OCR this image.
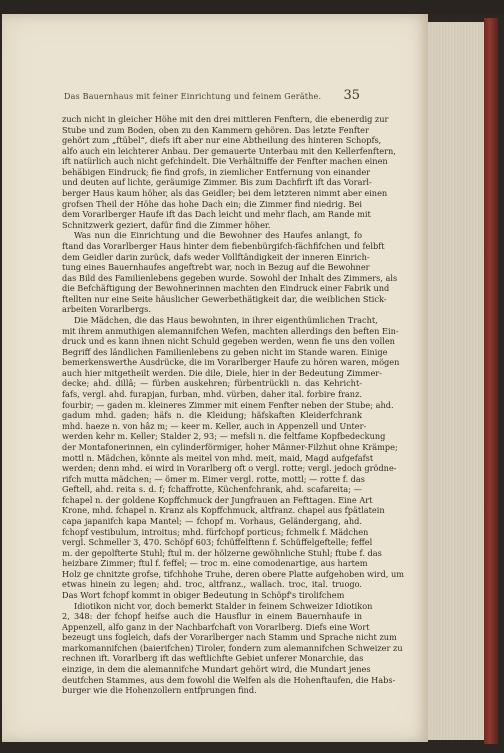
Das Bauernhaus mit feiner Einrichtung und feinem Geräthe.	35
zuch nicht in gleicher Höhe mit den drei mittleren Fenftern, die ebenerdig zur
Stube und zum Boden, oben zu den Kammern gehören. Das letzte Fenfter
gehört zum „ftübel“, diefs ift aber nur eine Abtheilung des hinteren Schopfs,
alfo auch ein leichterer Anbau. Der gemauerte Unterbau mit den Kellerfenftern,
ift natürlich auch nicht gefchindelt. Die Verhältniffe der Fenfter machen einen
behäbigen Eindruck; fie find grofs, in ziemlicher Entfernung von einander
und deuten auf lichte, geräumige Zimmer. Bis zum Dachfirft ift das Vorarl-
berger Haus kaum höher, als das Geidler; bei dem letzteren nimmt aber einen
grofsen Theil der Höhe das hohe Dach ein; die Zimmer find niedrig. Bei
dem Vorarlberger Haufe ift das Dach leicht und mehr flach, am Rande mit
Schnitzwerk geziert, dafür find die Zimmer höher.
Was nun die Einrichtung und die Bewohner des Haufes anlangt, fo
ftand das Vorarlberger Haus hinter dem fiebenbürgifch-fächfifchen und felbft
dem Geidler darin zurück, dafs weder Vollftändigkeit der inneren Einrich-
tung eines Bauernhaufes angeftrebt war, noch in Bezug auf die Bewohner
das Bild des Familienlebens gegeben wurde. Sowohl der Inhalt des Zimmers, als
die Befchäftigung der Bewohnerinnen machten den Eindruck einer Fabrik und
ftellten nur eine Seite häuslicher Gewerbethätigkeit dar, die weiblichen Stick-
arbeiten Vorarlbergs.
Die Mädchen, die das Haus bewohnten, in ihrer eigenthümlichen Tracht,
mit ihrem anmuthigen alemannifchen Wefen, machten allerdings den beften Ein-
druck und es kann ihnen nicht Schuld gegeben werden, wenn fie uns den vollen
Begriff des ländlichen Familienlebens zu geben nicht im Stande waren. Einige
bemerkenswerthe Ausdrücke, die im Vorarlberger Haufe zu hören waren, mögen
auch hier mitgetheilt werden. Die dile, Diele, hier in der Bedeutung Zimmer-
decke; ahd. dillâ; — fürben auskehren; fürbentrückli n. das Kehricht-
fafs, vergl. ahd. furapjan, furban, mhd. vürben, daher ital. forbire franz.
fourbir; — gaden m. kleineres Zimmer mit einem Fenfter neben der Stube; ahd.
gadum mhd. gaden; häfs n. die Kleidung; häfskaften Kleiderfchrank
mhd. haeze n. von hâz m; — keer m. Keller, auch in Appenzell und Unter-
werden kehr m. Keller; Stalder 2, 93; — mefsli n. die feltfame Kopfbedeckung
der Montafonerinnen, ein cylinderförmiger, hoher Männer-Filzhut ohne Krämpe;
mottl n. Mädchen, könnte als meitel von mhd. meit, maid, Magd aufgefafst
werden; denn mhd. ei wird in Vorarlberg oft o vergl. rotte; vergl. jedoch grödne-
rifch mutta mädchen; — ömer m. Eimer vergl. rotte, mottl; — rotte f. das
Geftell, ahd. reita s. d. f; fchaffrotte, Küchenfchrank, ahd. scafareita; —
fchapel n. der goldene Kopffchmuck der Jungfrauen an Fefttagen. Eine Art
Krone, mhd. fchapel n. Kranz als Kopffchmuck, altfranz. chapel aus fpätlatein
capa japanifch kapa Mantel; — fchopf m. Vorhaus, Geländergang, ahd.
fchopf vestibulum, introitus; mhd. fürfchopf porticus; fchmelk f. Mädchen
vergl. Schmeller 3, 470. Schöpf 603; fchüffelftenn f. Schüffelgeftelle; feffel
m. der gepolfterte Stuhl; ftul m. der hölzerne gewöhnliche Stuhl; ftube f. das
heizbare Zimmer; ftul f. feffel; — troc m. eine comodenartige, aus hartem
Holz ge chnitzte grofse, tifchhohe Truhe, deren obere Platte aufgehoben wird, um
etwas hinein zu legen; ahd. troc, altfranz., wallach. troc, ital. truogo.
Das Wort fchopf kommt in obiger Bedeutung in Schöpf's tirolifchem
Idiotikon nicht vor, doch bemerkt Stalder in feinem Schweizer Idiotikon
2, 348: der fchopf heifse auch die Hausflur in einem Bauernhaufe in
Appenzell, alfo ganz in der Nachbarfchaft von Vorarlberg. Diefs eine Wort
bezeugt uns fogleich, dafs der Vorarlberger nach Stamm und Sprache nicht zum
markomannifchen (baierifchen) Tiroler, fondern zum alemannifchen Schweizer zu
rechnen ift. Vorarlberg ift das weftlichfte Gebiet unferer Monarchie, das
einzige, in dem die alemannifche Mundart gehört wird, die Mundart jenes
deutfchen Stammes, aus dem fowohl die Welfen als die Hohenftaufen, die Habs-
burger wie die Hohenzollern entfprungen find.
